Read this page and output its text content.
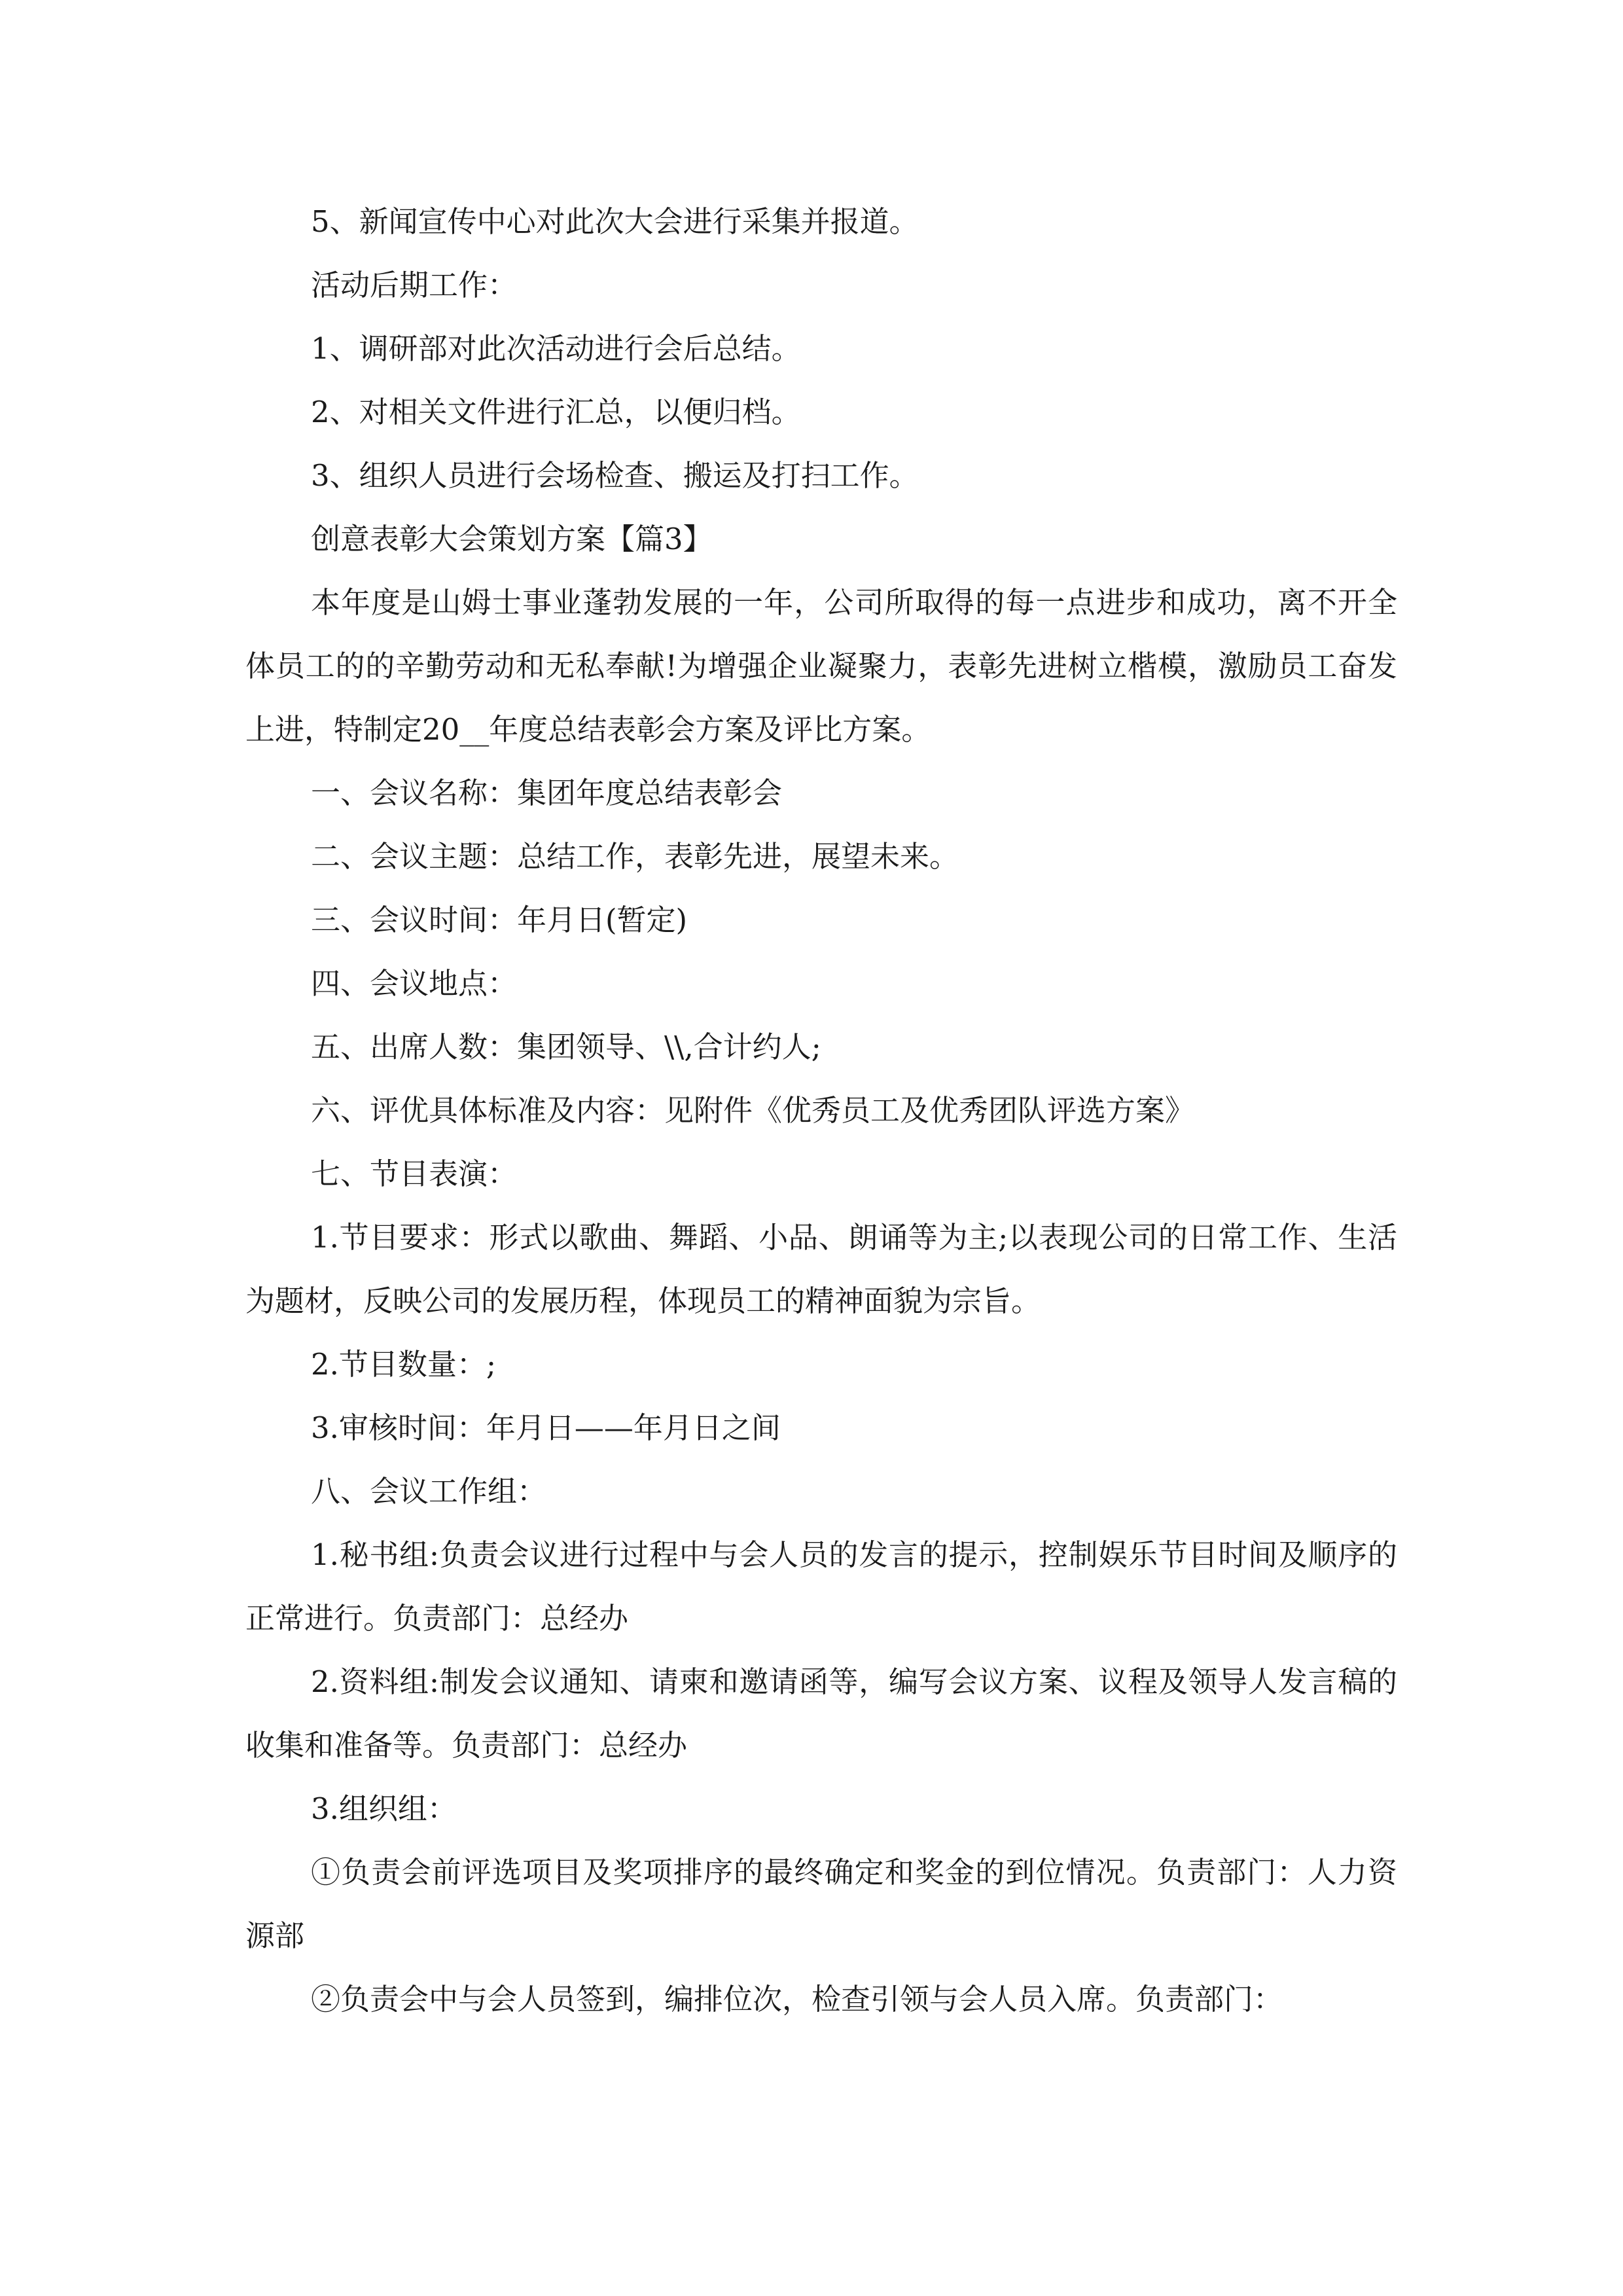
5、新闻宣传中心对此次大会进行采集并报道。

活动后期工作：

1、调研部对此次活动进行会后总结。

2、对相关文件进行汇总，以便归档。

3、组织人员进行会场检查、搬运及打扫工作。

创意表彰大会策划方案【篇3】

本年度是山姆士事业蓬勃发展的一年，公司所取得的每一点进步和成功，离不开全体员工的的辛勤劳动和无私奉献!为增强企业凝聚力，表彰先进树立楷模，激励员工奋发上进，特制定20__年度总结表彰会方案及评比方案。

一、会议名称：集团年度总结表彰会

二、会议主题：总结工作，表彰先进，展望未来。

三、会议时间：年月日(暂定)

四、会议地点：

五、出席人数：集团领导、\\,合计约人;

六、评优具体标准及内容：见附件《优秀员工及优秀团队评选方案》

七、节目表演：

1.节目要求：形式以歌曲、舞蹈、小品、朗诵等为主;以表现公司的日常工作、生活为题材，反映公司的发展历程，体现员工的精神面貌为宗旨。

2.节目数量：;

3.审核时间：年月日——年月日之间

八、会议工作组：

1.秘书组:负责会议进行过程中与会人员的发言的提示，控制娱乐节目时间及顺序的正常进行。负责部门：总经办

2.资料组:制发会议通知、请柬和邀请函等，编写会议方案、议程及领导人发言稿的收集和准备等。负责部门：总经办

3.组织组：

①负责会前评选项目及奖项排序的最终确定和奖金的到位情况。负责部门：人力资源部

②负责会中与会人员签到，编排位次，检查引领与会人员入席。负责部门：
